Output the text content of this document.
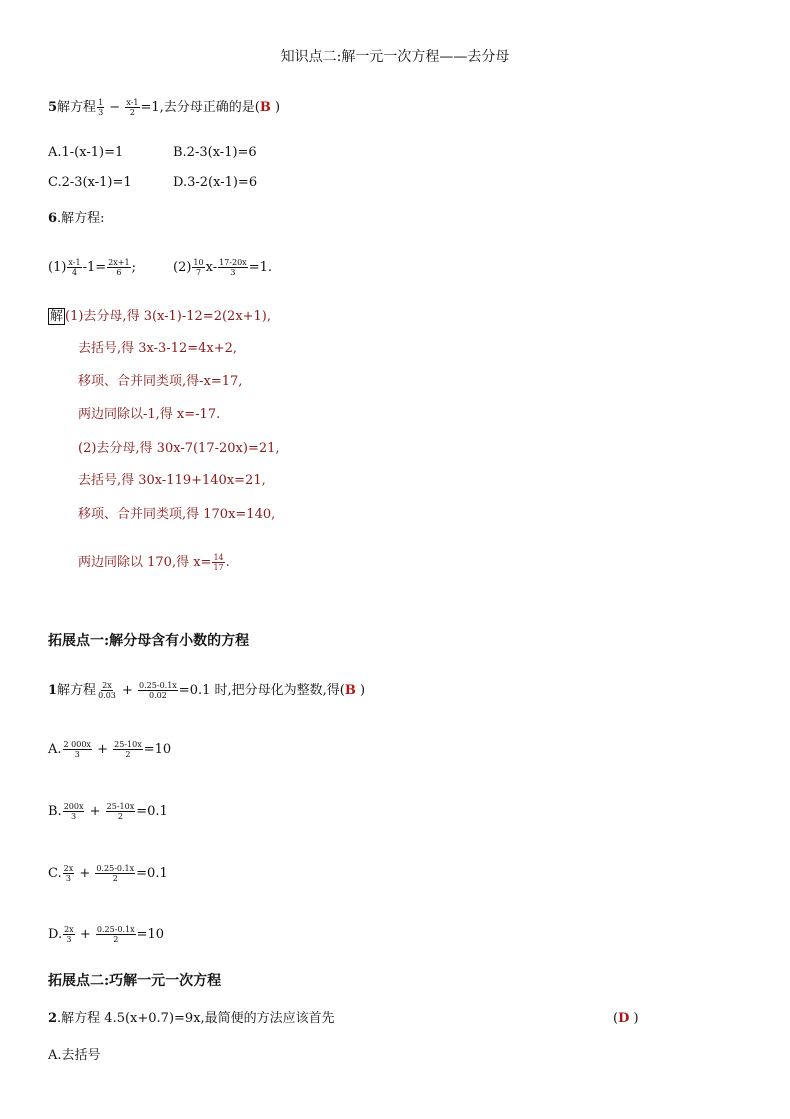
知识点二:解一元一次方程——去分母
5解方程 $\frac{1}{3} - \frac{x-1}{2} =1$,去分母正确的是(B )
A.1-(x-1)=1	B.2-3(x-1)=6
C.2-3(x-1)=1	D.3-2(x-1)=6
6.解方程:
$(1) \frac{x-1}{4} -1= \frac{2x+1}{6}$ ;	$(2) \frac{10}{7} x- \frac{17-20x}{3} =1$.
解 (1)去分母,得 3(x-1)-12=2(2x+1),
去括号,得 3x-3-12=4x+2,
移项、合并同类项,得-x=17,
两边同除以-1,得 x=-17.
(2)去分母,得 30x-7(17-20x)=21,
去括号,得 30x-119+140x=21,
移项、合并同类项,得 170x=140,
两边同除以 170,得 $x= \frac{14}{17}$ .
拓展点一:解分母含有小数的方程
1解方程 $\frac{2x}{0.03} + \frac{0.25-0.1x}{0.02} =0.1$ 时,把分母化为整数,得(B )
A. $\frac{2 000x}{3} + \frac{25-10x}{2} =10$
B. $\frac{200x}{3} + \frac{25-10x}{2} =0.1$
C. $\frac{2x}{3} + \frac{0.25-0.1x}{2} =0.1$
D. $\frac{2x}{3} + \frac{0.25-0.1x}{2} =10$
拓展点二:巧解一元一次方程
2.解方程 4.5(x+0.7)=9x,最简便的方法应该首先	(D )
A.去括号
